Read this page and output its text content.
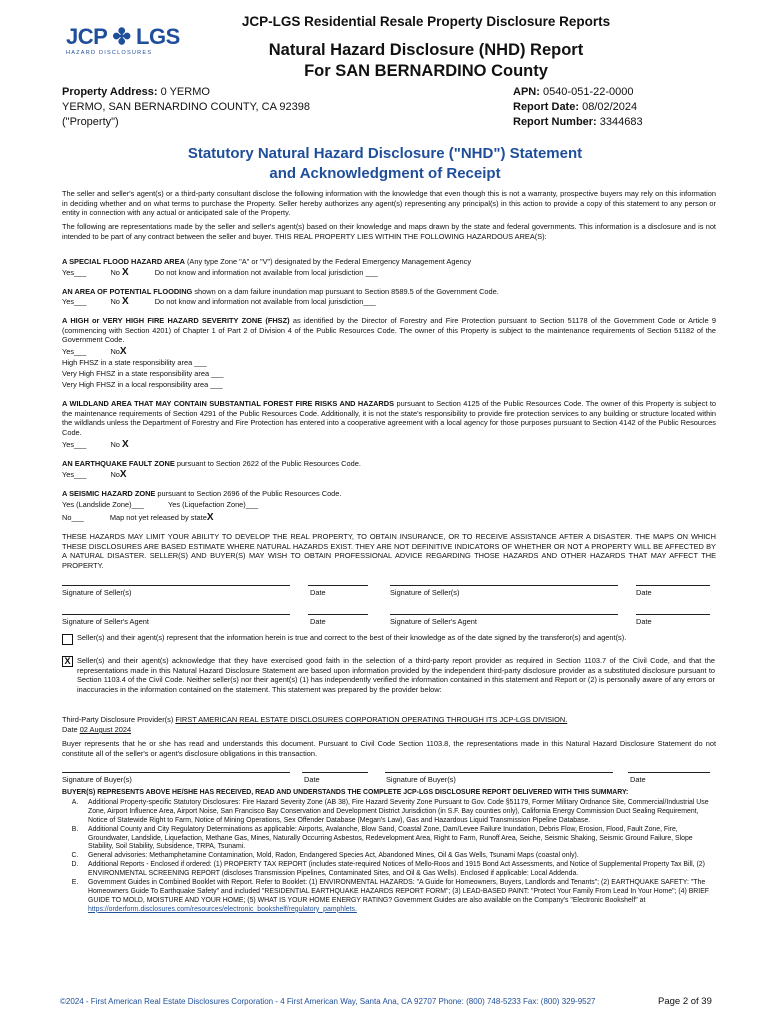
JCP ✤ LGS
HAZARD DISCLOSURES
JCP-LGS Residential Resale Property Disclosure Reports
Natural Hazard Disclosure (NHD) Report
For SAN BERNARDINO County
Property Address: 0 YERMO
YERMO, SAN BERNARDINO COUNTY, CA 92398
("Property")
APN: 0540-051-22-0000
Report Date: 08/02/2024
Report Number: 3344683
Statutory Natural Hazard Disclosure ("NHD") Statement
and Acknowledgment of Receipt
The seller and seller's agent(s) or a third-party consultant disclose the following information with the knowledge that even though this is not a warranty, prospective buyers may rely on this information in deciding whether and on what terms to purchase the Property. Seller hereby authorizes any agent(s) representing any principal(s) in this action to provide a copy of this statement to any person or entity in connection with any actual or anticipated sale of the Property.
The following are representations made by the seller and seller's agent(s) based on their knowledge and maps drawn by the state and federal governments. This information is a disclosure and is not intended to be part of any contract between the seller and buyer. THIS REAL PROPERTY LIES WITHIN THE FOLLOWING HAZARDOUS AREA(S):
A SPECIAL FLOOD HAZARD AREA (Any type Zone "A" or "V") designated by the Federal Emergency Management Agency
Yes___	No X	Do not know and information not available from local jurisdiction ___
AN AREA OF POTENTIAL FLOODING shown on a dam failure inundation map pursuant to Section 8589.5 of the Government Code.
Yes___	No X	Do not know and information not available from local jurisdiction___
A HIGH or VERY HIGH FIRE HAZARD SEVERITY ZONE (FHSZ) as identified by the Director of Forestry and Fire Protection pursuant to Section 51178 of the Government Code or Article 9 (commencing with Section 4201) of Chapter 1 of Part 2 of Division 4 of the Public Resources Code. The owner of this Property is subject to the maintenance requirements of Section 51182 of the Government Code.
Yes___	NoX
High FHSZ in a state responsibility area ___
Very High FHSZ in a state responsibility area ___
Very High FHSZ in a local responsibility area ___
A WILDLAND AREA THAT MAY CONTAIN SUBSTANTIAL FOREST FIRE RISKS AND HAZARDS pursuant to Section 4125 of the Public Resources Code. The owner of this Property is subject to the maintenance requirements of Section 4291 of the Public Resources Code. Additionally, it is not the state's responsibility to provide fire protection services to any building or structure located within the wildlands unless the Department of Forestry and Fire Protection has entered into a cooperative agreement with a local agency for those purposes pursuant to Section 4142 of the Public Resources Code.
Yes___	No X
AN EARTHQUAKE FAULT ZONE pursuant to Section 2622 of the Public Resources Code.
Yes___	NoX
A SEISMIC HAZARD ZONE pursuant to Section 2696 of the Public Resources Code.
Yes (Landslide Zone)___	Yes (Liquefaction Zone)___
No___	Map not yet released by stateX
THESE HAZARDS MAY LIMIT YOUR ABILITY TO DEVELOP THE REAL PROPERTY, TO OBTAIN INSURANCE, OR TO RECEIVE ASSISTANCE AFTER A DISASTER. THE MAPS ON WHICH THESE DISCLOSURES ARE BASED ESTIMATE WHERE NATURAL HAZARDS EXIST. THEY ARE NOT DEFINITIVE INDICATORS OF WHETHER OR NOT A PROPERTY WILL BE AFFECTED BY A NATURAL DISASTER. SELLER(S) AND BUYER(S) MAY WISH TO OBTAIN PROFESSIONAL ADVICE REGARDING THOSE HAZARDS AND OTHER HAZARDS THAT MAY AFFECT THE PROPERTY.
Signature of Seller(s)	Date	Signature of Seller(s)	Date
Signature of Seller's Agent	Date	Signature of Seller's Agent	Date
Seller(s) and their agent(s) represent that the information herein is true and correct to the best of their knowledge as of the date signed by the transferor(s) and agent(s).
X Seller(s) and their agent(s) acknowledge that they have exercised good faith in the selection of a third-party report provider as required in Section 1103.7 of the Civil Code, and that the representations made in this Natural Hazard Disclosure Statement are based upon information provided by the independent third-party disclosure provider as a substituted disclosure pursuant to Section 1103.4 of the Civil Code. Neither seller(s) nor their agent(s) (1) has independently verified the information contained in this statement and Report or (2) is personally aware of any errors or inaccuracies in the information contained on the statement. This statement was prepared by the provider below:
Third-Party Disclosure Provider(s) FIRST AMERICAN REAL ESTATE DISCLOSURES CORPORATION OPERATING THROUGH ITS JCP-LGS DIVISION.
Date 02 August 2024
Buyer represents that he or she has read and understands this document. Pursuant to Civil Code Section 1103.8, the representations made in this Natural Hazard Disclosure Statement do not constitute all of the seller's or agent's disclosure obligations in this transaction.
Signature of Buyer(s)	Date	Signature of Buyer(s)	Date
BUYER(S) REPRESENTS ABOVE HE/SHE HAS RECEIVED, READ AND UNDERSTANDS THE COMPLETE JCP-LGS DISCLOSURE REPORT DELIVERED WITH THIS SUMMARY:
A.	Additional Property-specific Statutory Disclosures: Fire Hazard Severity Zone (AB 38), Fire Hazard Severity Zone Pursuant to Gov. Code §51179, Former Military Ordnance Site, Commercial/Industrial Use Zone, Airport Influence Area, Airport Noise, San Francisco Bay Conservation and Development District Jurisdiction (in S.F. Bay counties only), California Energy Commission Duct Sealing Requirement, Notice of Statewide Right to Farm, Notice of Mining Operations, Sex Offender Database (Megan's Law), Gas and Hazardous Liquid Transmission Pipeline Database.
B.	Additional County and City Regulatory Determinations as applicable: Airports, Avalanche, Blow Sand, Coastal Zone, Dam/Levee Failure Inundation, Debris Flow, Erosion, Flood, Fault Zone, Fire, Groundwater, Landslide, Liquefaction, Methane Gas, Mines, Naturally Occurring Asbestos, Redevelopment Area, Right to Farm, Runoff Area, Seiche, Seismic Shaking, Seismic Ground Failure, Slope Stability, Soil Stability, Subsidence, TRPA, Tsunami.
C.	General advisories: Methamphetamine Contamination, Mold, Radon, Endangered Species Act, Abandoned Mines, Oil & Gas Wells, Tsunami Maps (coastal only).
D.	Additional Reports - Enclosed if ordered: (1) PROPERTY TAX REPORT (includes state-required Notices of Mello-Roos and 1915 Bond Act Assessments, and Notice of Supplemental Property Tax Bill, (2) ENVIRONMENTAL SCREENING REPORT (discloses Transmission Pipelines, Contaminated Sites, and Oil & Gas Wells). Enclosed if applicable: Local Addenda.
E.	Government Guides in Combined Booklet with Report. Refer to Booklet: (1) ENVIRONMENTAL HAZARDS: "A Guide for Homeowners, Buyers, Landlords and Tenants"; (2) EARTHQUAKE SAFETY: "The Homeowners Guide To Earthquake Safety" and included "RESIDENTIAL EARTHQUAKE HAZARDS REPORT FORM"; (3) LEAD-BASED PAINT: "Protect Your Family From Lead In Your Home"; (4) BRIEF GUIDE TO MOLD, MOISTURE AND YOUR HOME; (5) WHAT IS YOUR HOME ENERGY RATING? Government Guides are also available on the Company's "Electronic Bookshelf" at
https://orderform.disclosures.com/resources/electronic_bookshelf/regulatory_pamphlets.
©2024 - First American Real Estate Disclosures Corporation - 4 First American Way, Santa Ana, CA 92707 Phone: (800) 748-5233 Fax: (800) 329-9527	Page 2 of 39
